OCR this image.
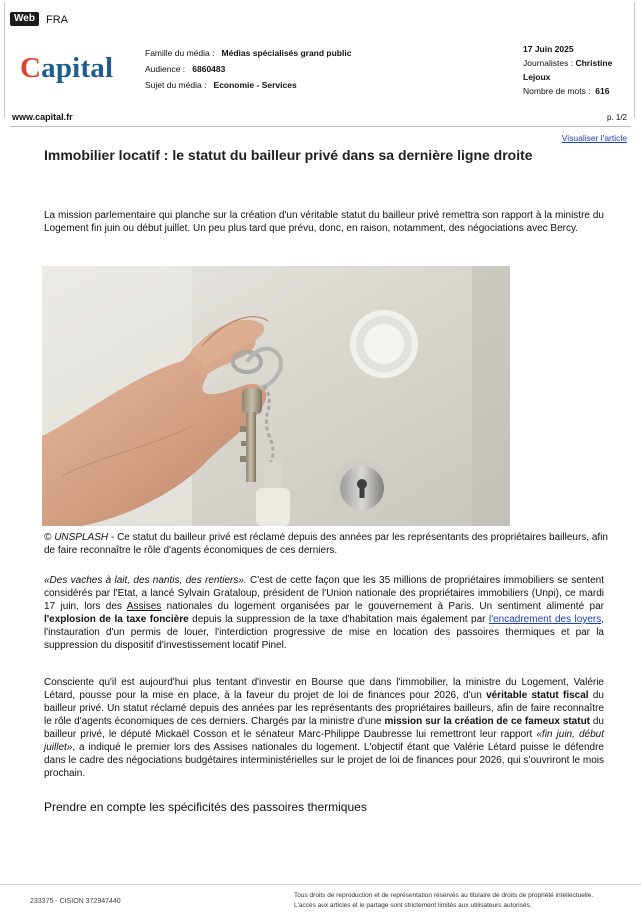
Web	FRA
Capital
www.capital.fr
Famille du média : Médias spécialisés grand public
Audience : 6860483
Sujet du média : Economie - Services
17 Juin 2025
Journalistes : Christine
Lejoux
Nombre de mots : 616
p. 1/2
Visualiser l'article
Immobilier locatif : le statut du bailleur privé dans sa dernière ligne droite
La mission parlementaire qui planche sur la création d'un véritable statut du bailleur privé remettra son rapport à la ministre du Logement fin juin ou début juillet. Un peu plus tard que prévu, donc, en raison, notamment, des négociations avec Bercy.
© UNSPLASH - Ce statut du bailleur privé est réclamé depuis des années par les représentants des propriétaires bailleurs, afin de faire reconnaître le rôle d'agents économiques de ces derniers.
«Des vaches à lait, des nantis, des rentiers». C'est de cette façon que les 35 millions de propriétaires immobiliers se sentent considérés par l'Etat, a lancé Sylvain Grataloup, président de l'Union nationale des propriétaires immobiliers (Unpi), ce mardi 17 juin, lors des Assises nationales du logement organisées par le gouvernement à Paris. Un sentiment alimenté par l'explosion de la taxe foncière depuis la suppression de la taxe d'habitation mais également par l'encadrement des loyers, l'instauration d'un permis de louer, l'interdiction progressive de mise en location des passoires thermiques et par la suppression du dispositif d'investissement locatif Pinel.
Consciente qu'il est aujourd'hui plus tentant d'investir en Bourse que dans l'immobilier, la ministre du Logement, Valérie Létard, pousse pour la mise en place, à la faveur du projet de loi de finances pour 2026, d'un véritable statut fiscal du bailleur privé. Un statut réclamé depuis des années par les représentants des propriétaires bailleurs, afin de faire reconnaître le rôle d'agents économiques de ces derniers. Chargés par la ministre d'une mission sur la création de ce fameux statut du bailleur privé, le député Mickaël Cosson et le sénateur Marc-Philippe Daubresse lui remettront leur rapport «fin juin, début juillet», a indiqué le premier lors des Assises nationales du logement. L'objectif étant que Valérie Létard puisse le défendre dans le cadre des négociations budgétaires interministérielles sur le projet de loi de finances pour 2026, qui s'ouvriront le mois prochain.
Prendre en compte les spécificités des passoires thermiques
233375 - CISION 372947440
Tous droits de reproduction et de représentation réservés au titulaire de droits de propriété intellectuelle.
L'accès aux articles et le partage sont strictement limités aux utilisateurs autorisés.
